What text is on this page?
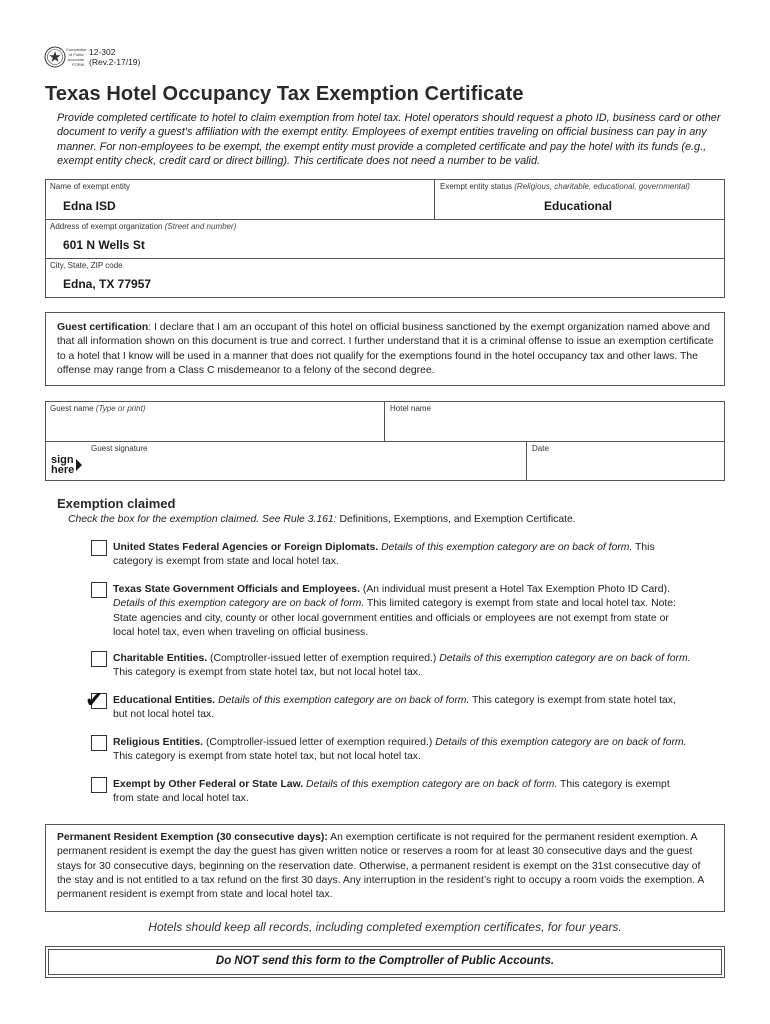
Comptroller
of Public
Accounts
FORM
12-302
(Rev.2-17/19)
Texas Hotel Occupancy Tax Exemption Certificate
Provide completed certificate to hotel to claim exemption from hotel tax. Hotel operators should request a photo ID, business card or other document to verify a guest’s affiliation with the exempt entity. Employees of exempt entities traveling on official business can pay in any manner. For non-employees to be exempt, the exempt entity must provide a completed certificate and pay the hotel with its funds (e.g., exempt entity check, credit card or direct billing). This certificate does not need a number to be valid.
Name of exempt entity
Edna ISD
Exempt entity status (Religious, charitable, educational, governmental)
Educational
Address of exempt organization (Street and number)
601 N Wells St
City, State, ZIP code
Edna, TX 77957
Guest certification: I declare that I am an occupant of this hotel on official business sanctioned by the exempt organization named above and that all information shown on this document is true and correct. I further understand that it is a criminal offense to issue an exemption certificate to a hotel that I know will be used in a manner that does not qualify for the exemptions found in the hotel occupancy tax and other laws. The offense may range from a Class C misdemeanor to a felony of the second degree.
Guest name (Type or print)	Hotel name
Guest signature	Date
sign
here
Exemption claimed
Check the box for the exemption claimed. See Rule 3.161: Definitions, Exemptions, and Exemption Certificate.
United States Federal Agencies or Foreign Diplomats. Details of this exemption category are on back of form. This category is exempt from state and local hotel tax.
Texas State Government Officials and Employees. (An individual must present a Hotel Tax Exemption Photo ID Card). Details of this exemption category are on back of form. This limited category is exempt from state and local hotel tax. Note: State agencies and city, county or other local government entities and officials or employees are not exempt from state or local hotel tax, even when traveling on official business.
Charitable Entities. (Comptroller-issued letter of exemption required.) Details of this exemption category are on back of form. This category is exempt from state hotel tax, but not local hotel tax.
✔ Educational Entities. Details of this exemption category are on back of form. This category is exempt from state hotel tax, but not local hotel tax.
Religious Entities. (Comptroller-issued letter of exemption required.) Details of this exemption category are on back of form. This category is exempt from state hotel tax, but not local hotel tax.
Exempt by Other Federal or State Law. Details of this exemption category are on back of form. This category is exempt from state and local hotel tax.
Permanent Resident Exemption (30 consecutive days): An exemption certificate is not required for the permanent resident exemption. A permanent resident is exempt the day the guest has given written notice or reserves a room for at least 30 consecutive days and the guest stays for 30 consecutive days, beginning on the reservation date. Otherwise, a permanent resident is exempt on the 31st consecutive day of the stay and is not entitled to a tax refund on the first 30 days. Any interruption in the resident’s right to occupy a room voids the exemption. A permanent resident is exempt from state and local hotel tax.
Hotels should keep all records, including completed exemption certificates, for four years.
Do NOT send this form to the Comptroller of Public Accounts.
